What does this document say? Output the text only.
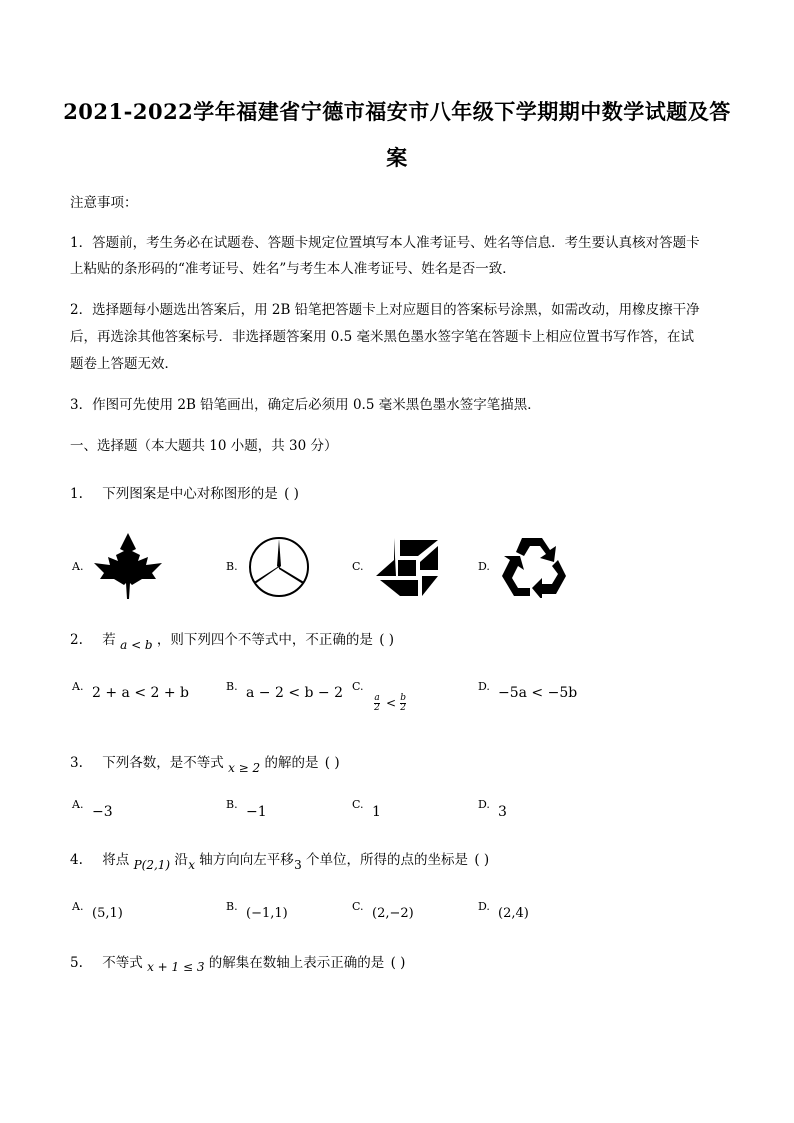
2021-2022学年福建省宁德市福安市八年级下学期期中数学试题及答
案
注意事项：
1．答题前，考生务必在试题卷、答题卡规定位置填写本人准考证号、姓名等信息．考生要认真核对答题卡
上粘贴的条形码的“准考证号、姓名”与考生本人准考证号、姓名是否一致．
2．选择题每小题选出答案后，用 2B 铅笔把答题卡上对应题目的答案标号涂黑，如需改动，用橡皮擦干净
后，再选涂其他答案标号．非选择题答案用 0.5 毫米黑色墨水签字笔在答题卡上相应位置书写作答，在试
题卷上答题无效．
3．作图可先使用 2B 铅笔画出，确定后必须用 0.5 毫米黑色墨水签字笔描黑．
一、选择题（本大题共 10 小题，共 30 分）
1. 下列图案是中心对称图形的是 ( )
A.	B.	C.	D.
2. 若 a < b ，则下列四个不等式中，不正确的是 ( )
A. 2 + a < 2 + b	B. a − 2 < b − 2 C.
$\frac{a}{2} < \frac{b}{2}$
D. −5a < −5b
3. 下列各数，是不等式 x ≥ 2 的解的是 ( )
A. −3	B. −1	C. 1	D. 3
4. 将点 P(2,1) 沿 x 轴方向向左平移 3 个单位，所得的点的坐标是 ( )
A. (5,1)	B. (−1,1)	C. (2,−2)	D. (2,4)
5. 不等式 x + 1 ≤ 3 的解集在数轴上表示正确的是 ( )
